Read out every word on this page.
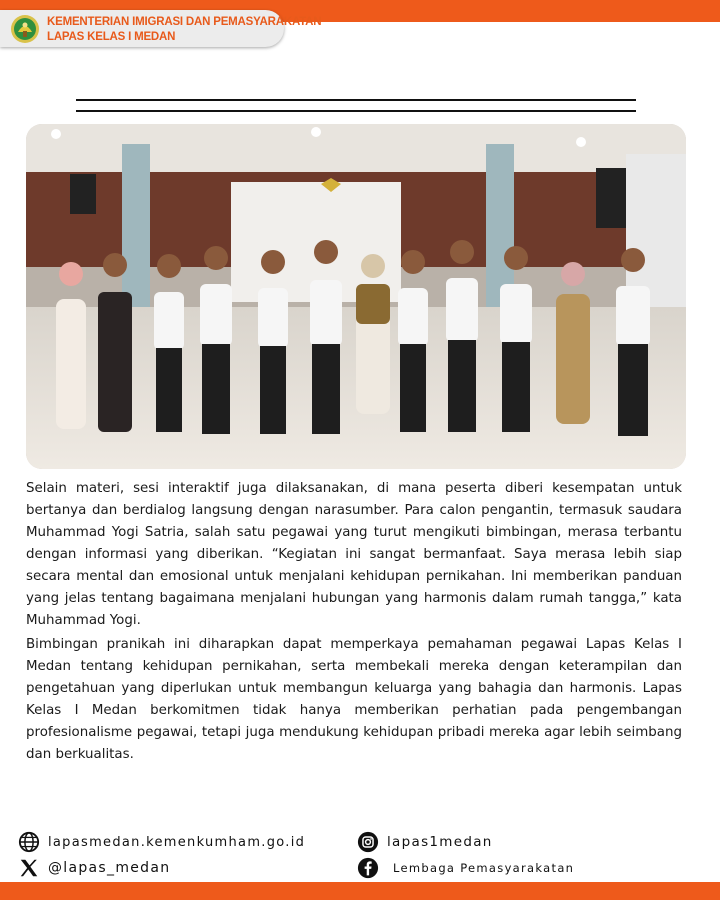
KEMENTERIAN IMIGRASI DAN PEMASYARAKATAN
LAPAS KELAS I MEDAN

Selain materi, sesi interaktif juga dilaksanakan, di mana peserta diberi kesempatan untuk bertanya dan berdialog langsung dengan narasumber. Para calon pengantin, termasuk saudara Muhammad Yogi Satria, salah satu pegawai yang turut mengikuti bimbingan, merasa terbantu dengan informasi yang diberikan. “Kegiatan ini sangat bermanfaat. Saya merasa lebih siap secara mental dan emosional untuk menjalani kehidupan pernikahan. Ini memberikan panduan yang jelas tentang bagaimana menjalani hubungan yang harmonis dalam rumah tangga,” kata Muhammad Yogi.

Bimbingan pranikah ini diharapkan dapat memperkaya pemahaman pegawai Lapas Kelas I Medan tentang kehidupan pernikahan, serta membekali mereka dengan keterampilan dan pengetahuan yang diperlukan untuk membangun keluarga yang bahagia dan harmonis. Lapas Kelas I Medan berkomitmen tidak hanya memberikan perhatian pada pengembangan profesionalisme pegawai, tetapi juga mendukung kehidupan pribadi mereka agar lebih seimbang dan berkualitas.

lapasmedan.kemenkumham.go.id
@lapas_medan
lapas1medan
Lembaga Pemasyarakatan
